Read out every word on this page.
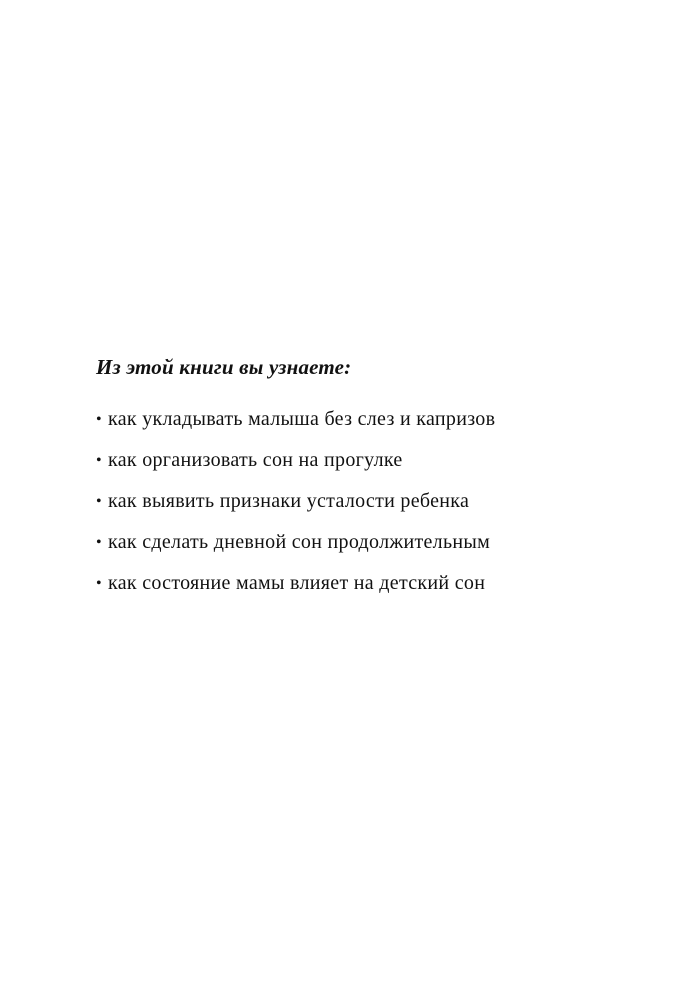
Из этой книги вы узнаете:
• как укладывать малыша без слез и капризов
• как организовать сон на прогулке
• как выявить признаки усталости ребенка
• как сделать дневной сон продолжительным
• как состояние мамы влияет на детский сон
